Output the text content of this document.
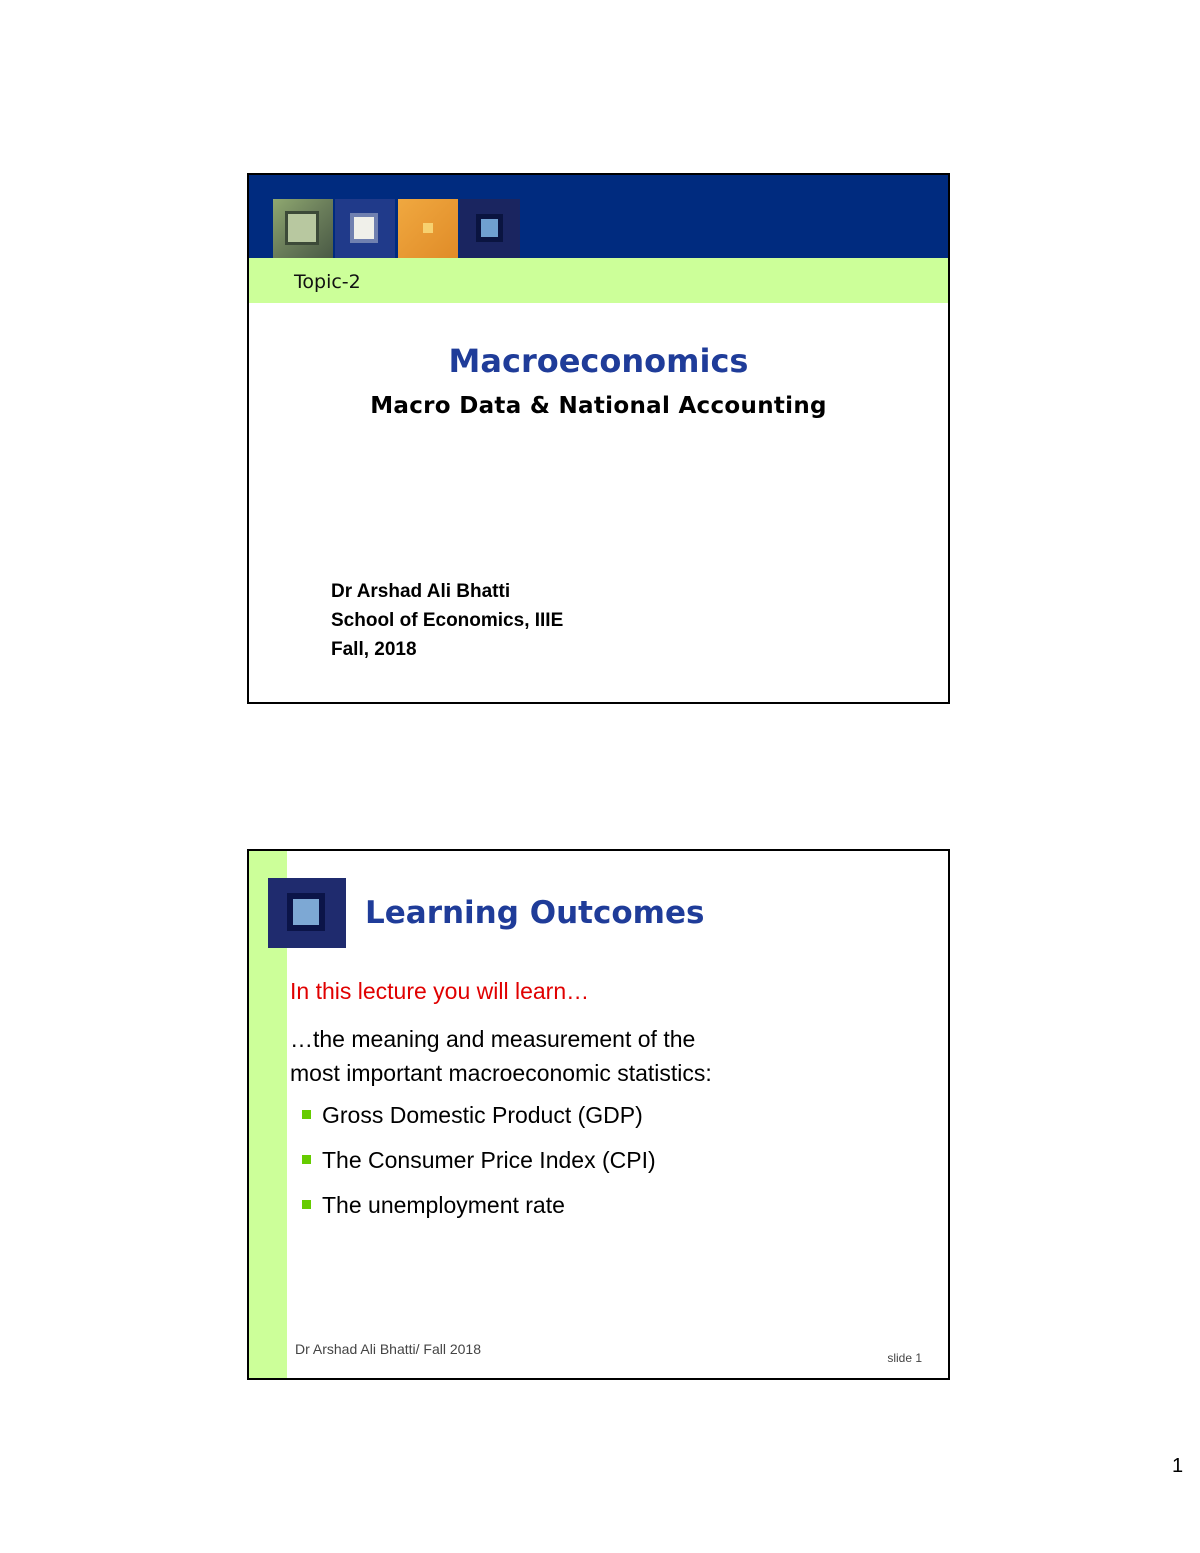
Topic-2
Macroeconomics
Macro Data & National Accounting
Dr Arshad Ali Bhatti
School of Economics, IIIE
Fall, 2018
Learning Outcomes
In this lecture you will learn…
…the meaning and measurement of the
most important macroeconomic statistics:
Gross Domestic Product (GDP)
The Consumer Price Index (CPI)
The unemployment rate
Dr Arshad Ali Bhatti/ Fall 2018
slide 1
1
